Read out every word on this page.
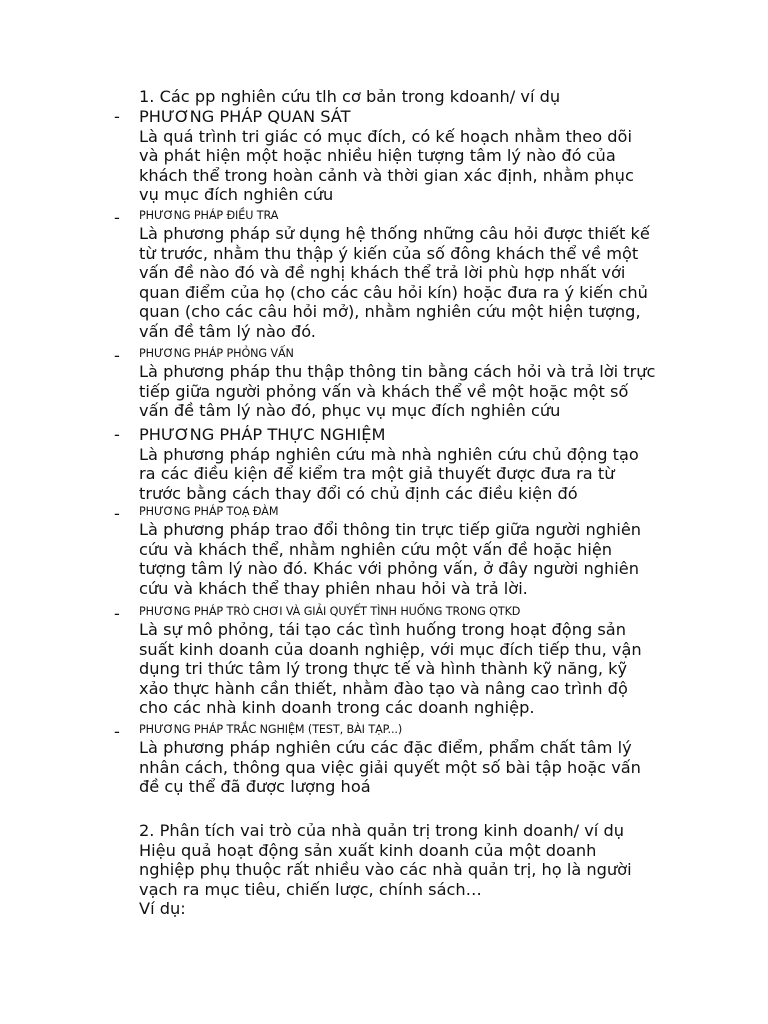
1. Các pp nghiên cứu tlh cơ bản trong kdoanh/ ví dụ
-	PHƯƠNG PHÁP QUAN SÁT
Là quá trình tri giác có mục đích, có kế hoạch nhằm theo dõi
và phát hiện một hoặc nhiều hiện tượng tâm lý nào đó của
khách thể trong hoàn cảnh và thời gian xác định, nhằm phục
vụ mục đích nghiên cứu
-	PHƯƠNG PHÁP ĐIỀU TRA
Là phương pháp sử dụng hệ thống những câu hỏi được thiết kế
từ trước, nhằm thu thập ý kiến của số đông khách thể về một
vấn đề nào đó và đề nghị khách thể trả lời phù hợp nhất với
quan điểm của họ (cho các câu hỏi kín) hoặc đưa ra ý kiến chủ
quan (cho các câu hỏi mở), nhằm nghiên cứu một hiện tượng,
vấn đề tâm lý nào đó.
-	PHƯƠNG PHÁP PHỎNG VẤN
Là phương pháp thu thập thông tin bằng cách hỏi và trả lời trực
tiếp giữa người phỏng vấn và khách thể về một hoặc một số
vấn đề tâm lý nào đó, phục vụ mục đích nghiên cứu
-	PHƯƠNG PHÁP THỰC NGHIỆM
Là phương pháp nghiên cứu mà nhà nghiên cứu chủ động tạo
ra các điều kiện để kiểm tra một giả thuyết được đưa ra từ
trước bằng cách thay đổi có chủ định các điều kiện đó
-	PHƯƠNG PHÁP TOẠ ĐÀM
Là phương pháp trao đổi thông tin trực tiếp giữa người nghiên
cứu và khách thể, nhằm nghiên cứu một vấn đề hoặc hiện
tượng tâm lý nào đó. Khác với phỏng vấn, ở đây người nghiên
cứu và khách thể thay phiên nhau hỏi và trả lời.
-	PHƯƠNG PHÁP TRÒ CHƠI VÀ GIẢI QUYẾT TÌNH HUỐNG TRONG QTKD
Là sự mô phỏng, tái tạo các tình huống trong hoạt động sản
suất kinh doanh của doanh nghiệp, với mục đích tiếp thu, vận
dụng tri thức tâm lý trong thực tế và hình thành kỹ năng, kỹ
xảo thực hành cần thiết, nhằm đào tạo và nâng cao trình độ
cho các nhà kinh doanh trong các doanh nghiệp.
-	PHƯƠNG PHÁP TRẮC NGHIỆM (TEST, BÀI TẠP...)
Là phương pháp nghiên cứu các đặc điểm, phẩm chất tâm lý
nhân cách, thông qua việc giải quyết một số bài tập hoặc vấn
đề cụ thể đã được lượng hoá
2. Phân tích vai trò của nhà quản trị trong kinh doanh/ ví dụ
Hiệu quả hoạt động sản xuất kinh doanh của một doanh
nghiệp phụ thuộc rất nhiều vào các nhà quản trị, họ là người
vạch ra mục tiêu, chiến lược, chính sách…
Ví dụ:
